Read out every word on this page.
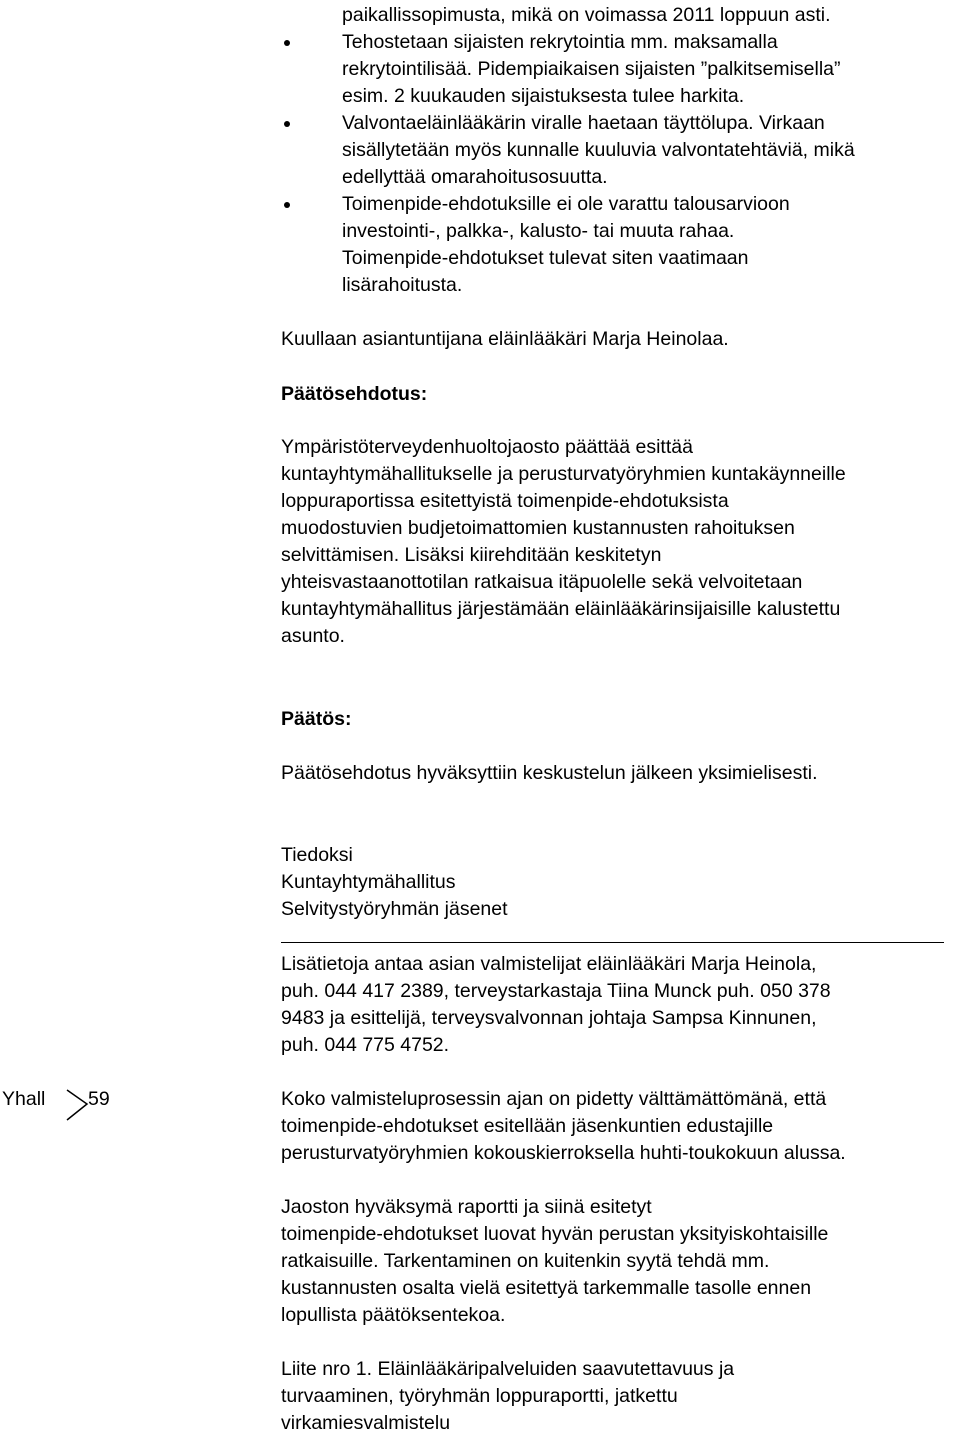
paikallissopimusta, mikä on voimassa 2011 loppuun asti.
Tehostetaan sijaisten rekrytointia mm. maksamalla
rekrytointilisää. Pidempiaikaisen sijaisten ”palkitsemisella”
esim. 2 kuukauden sijaistuksesta tulee harkita.
Valvontaeläinlääkärin viralle haetaan täyttölupa. Virkaan
sisällytetään myös kunnalle kuuluvia valvontatehtäviä, mikä
edellyttää omarahoitusosuutta.
Toimenpide-ehdotuksille ei ole varattu talousarvioon
investointi-, palkka-, kalusto- tai muuta rahaa.
Toimenpide-ehdotukset tulevat siten vaatimaan
lisärahoitusta.
Kuullaan asiantuntijana eläinlääkäri Marja Heinolaa.
Päätösehdotus:
Ympäristöterveydenhuoltojaosto päättää esittää
kuntayhtymähallitukselle ja perusturvatyöryhmien kuntakäynneille
loppuraportissa esitettyistä toimenpide-ehdotuksista
muodostuvien budjetoimattomien kustannusten rahoituksen
selvittämisen. Lisäksi kiirehditään keskitetyn
yhteisvastaanottotilan ratkaisua itäpuolelle sekä velvoitetaan
kuntayhtymähallitus järjestämään eläinlääkärinsijaisille kalustettu
asunto.
Päätös:
Päätösehdotus hyväksyttiin keskustelun jälkeen yksimielisesti.
Tiedoksi
Kuntayhtymähallitus
Selvitystyöryhmän jäsenet
Lisätietoja antaa asian valmistelijat eläinlääkäri Marja Heinola,
puh. 044 417 2389, terveystarkastaja Tiina Munck puh. 050 378
9483 ja esittelijä, terveysvalvonnan johtaja Sampsa Kinnunen,
puh. 044 775 4752.
Yhall 59	Koko valmisteluprosessin ajan on pidetty välttämättömänä, että
toimenpide-ehdotukset esitellään jäsenkuntien edustajille
perusturvatyöryhmien kokouskierroksella huhti-toukokuun alussa.
Jaoston hyväksymä raportti ja siinä esitetyt
toimenpide-ehdotukset luovat hyvän perustan yksityiskohtaisille
ratkaisuille. Tarkentaminen on kuitenkin syytä tehdä mm.
kustannusten osalta vielä esitettyä tarkemmalle tasolle ennen
lopullista päätöksentekoa.
Liite nro 1. Eläinlääkäripalveluiden saavutettavuus ja
turvaaminen, työryhmän loppuraportti, jatkettu
virkamiesvalmistelu
